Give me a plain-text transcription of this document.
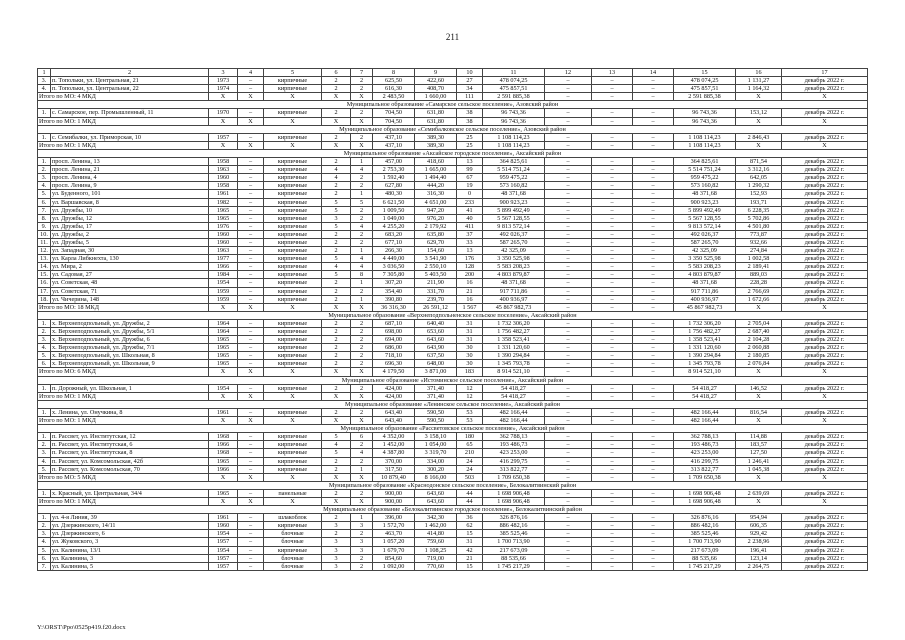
211
1	2	3	4	5	6	7	8	9	10	11	12	13	14	15	16	17
3.	п. Топольки, ул. Центральная, 21	1973	–	кирпичные	2	2	625,50	422,60	27	478 074,25	–	–	–	478 074,25	1 131,27	декабрь 2022 г.
4.	п. Топольки, ул. Центральная, 22	1974	–	кирпичные	2	2	616,30	408,70	34	475 857,51	–	–	–	475 857,51	1 164,32	декабрь 2022 г.
Итого по МО: 4 МКД		X	X	X	X	X	2 483,50	1 660,00	111	2 591 885,38	–	–	–	2 591 885,38	X	X
Муниципальное образование «Самарское сельское поселение», Азовский район																
1.	с. Самарское, пер. Промышленный, 11	1970	–	кирпичные	2	2	704,50	631,80	38	96 743,36	–	–	–	96 743,36	153,12	декабрь 2022 г.
Итого по МО: 1 МКД		X	X	X	X	X	704,50	631,80	38	96 743,36	–	–	–	96 743,36	X	X
Муниципальное образование «Семибалковское сельское поселение», Азовский район																
1.	с. Семибалки, ул. Приморская, 10	1957	–	кирпичные	2	2	437,10	389,30	25	1 108 114,23	–	–	–	1 108 114,23	2 846,43	декабрь 2022 г.
Итого по МО: 1 МКД		X	X	X	X	X	437,10	389,30	25	1 108 114,23	–	–	–	1 108 114,23	X	X
Муниципальное образование «Аксайское городское поселение», Аксайский район																
1.	просп. Ленина, 13	1958	–	кирпичные	2	1	457,00	418,60	13	364 825,61	–	–	–	364 825,61	871,54	декабрь 2022 г.
2.	просп. Ленина, 21	1963	–	кирпичные	4	4	2 753,30	1 665,00	99	5 514 751,24	–	–	–	5 514 751,24	3 312,16	декабрь 2022 г.
3.	просп. Ленина, 4	1960	–	кирпичные	4	2	1 592,40	1 494,40	67	959 475,22	–	–	–	959 475,22	642,05	декабрь 2022 г.
4.	просп. Ленина, 9	1958	–	кирпичные	2	2	627,80	444,20	19	573 160,82	–	–	–	573 160,82	1 290,32	декабрь 2022 г.
5.	ул. Буденного, 101	1961	–	кирпичные	2	1	480,30	316,30	0	48 371,68	–	–	–	48 371,68	152,93	декабрь 2022 г.
6.	ул. Варшавская, 8	1982	–	кирпичные	5	5	6 621,50	4 651,00	233	900 923,23	–	–	–	900 923,23	193,71	декабрь 2022 г.
7.	ул. Дружбы, 10	1965	–	кирпичные	5	2	1 009,50	947,20	41	5 899 492,49	–	–	–	5 899 492,49	6 228,35	декабрь 2022 г.
8.	ул. Дружбы, 12	1965	–	кирпичные	3	2	1 049,00	976,20	40	5 567 128,55	–	–	–	5 567 128,55	5 702,86	декабрь 2022 г.
9.	ул. Дружбы, 17	1976	–	кирпичные	5	4	4 255,20	2 179,92	411	9 813 572,14	–	–	–	9 813 572,14	4 501,80	декабрь 2022 г.
10.	ул. Дружбы, 2	1960	–	кирпичные	2	2	683,20	635,80	37	492 026,37	–	–	–	492 026,37	773,87	декабрь 2022 г.
11.	ул. Дружбы, 5	1960	–	кирпичные	2	2	677,10	629,70	33	587 265,70	–	–	–	587 265,70	932,66	декабрь 2022 г.
12.	ул. Западная, 30	1963	–	кирпичные	2	1	266,30	154,60	13	42 325,09	–	–	–	42 325,09	274,84	декабрь 2022 г.
13.	ул. Карла Либкнехта, 130	1977	–	кирпичные	5	4	4 449,00	3 541,90	176	3 350 525,98	–	–	–	3 350 525,98	1 002,58	декабрь 2022 г.
14.	ул. Мира, 2	1966	–	кирпичные	4	4	3 036,50	2 550,10	128	5 583 208,23	–	–	–	5 583 208,23	2 189,41	декабрь 2022 г.
15.	ул. Садовая, 27	1984	–	кирпичные	5	8	7 305,80	5 403,50	200	4 803 879,87	–	–	–	4 803 879,87	889,03	декабрь 2022 г.
16.	ул. Советская, 48	1954	–	кирпичные	2	1	307,20	211,90	16	48 371,68	–	–	–	48 371,68	228,28	декабрь 2022 г.
17.	ул. Советская, 71	1959	–	кирпичные	2	2	354,40	331,70	21	917 711,86	–	–	–	917 711,86	2 766,69	декабрь 2022 г.
18.	ул. Чичерина, 148	1959	–	кирпичные	2	1	390,80	239,70	16	400 936,97	–	–	–	400 936,97	1 672,66	декабрь 2022 г.
Итого по МО: 18 МКД		X	X	X	X	X	36 316,30	26 591,12	1 567	45 867 982,73	–	–	–	45 867 982,73	X	X
Муниципальное образование «Верхнеподпольненское сельское поселение», Аксайский район																
1.	х. Верхнеподпольный, ул. Дружбы, 2	1964	–	кирпичные	2	2	687,10	640,40	31	1 732 306,20	–	–	–	1 732 306,20	2 705,04	декабрь 2022 г.
2.	х. Верхнеподпольный, ул. Дружбы, 5/1	1964	–	кирпичные	2	2	698,00	653,60	31	1 756 482,27	–	–	–	1 756 482,27	2 687,40	декабрь 2022 г.
3.	х. Верхнеподпольный, ул. Дружбы, 6	1965	–	кирпичные	2	2	694,00	643,60	31	1 358 523,41	–	–	–	1 358 523,41	2 104,28	декабрь 2022 г.
4.	х. Верхнеподпольный, ул. Дружбы, 7/1	1965	–	кирпичные	2	2	686,00	643,90	30	1 331 120,60	–	–	–	1 331 120,60	2 060,88	декабрь 2022 г.
5.	х. Верхнеподпольный, ул. Школьная, 8	1965	–	кирпичные	2	2	718,10	637,50	30	1 390 294,84	–	–	–	1 390 294,84	2 180,85	декабрь 2022 г.
6.	х. Верхнеподпольный, ул. Школьная, 9	1965	–	кирпичные	2	2	696,30	648,00	30	1 345 793,78	–	–	–	1 345 793,78	2 076,84	декабрь 2022 г.
Итого по МО: 6 МКД		X	X	X	X	X	4 179,50	3 871,00	183	8 914 521,10	–	–	–	8 914 521,10	X	X
Муниципальное образование «Истоминское сельское поселение», Аксайский район																
1.	п. Дорожный, ул. Школьная, 1	1954	–	кирпичные	2	2	424,00	371,40	12	54 418,27	–	–	–	54 418,27	146,52	декабрь 2022 г.
Итого по МО: 1 МКД		X	X	X	X	X	424,00	371,40	12	54 418,27	–	–	–	54 418,27	X	X
Муниципальное образование «Ленинское сельское поселение», Аксайский район																
1.	х. Ленина, ул. Онучкина, 8	1961	–	кирпичные	2	2	643,40	590,50	53	482 166,44	–	–	–	482 166,44	816,54	декабрь 2022 г.
Итого по МО: 1 МКД		X	X	X	X	X	643,40	590,50	53	482 166,44	–	–	–	482 166,44	X	X
Муниципальное образование «Рассветовское сельское поселение», Аксайский район																
1.	п. Рассвет, ул. Институтская, 12	1968	–	кирпичные	5	6	4 352,00	3 158,10	180	362 788,13	–	–	–	362 788,13	114,88	декабрь 2022 г.
2.	п. Рассвет, ул. Институтская, 6	1966	–	кирпичные	4	2	1 452,00	1 054,00	65	193 486,73	–	–	–	193 486,73	183,57	декабрь 2022 г.
3.	п. Рассвет, ул. Институтская, 8	1968	–	кирпичные	5	4	4 387,80	3 319,70	210	423 253,00	–	–	–	423 253,00	127,50	декабрь 2022 г.
4.	п. Рассвет, ул. Комсомольская, 42б	1965	–	кирпичные	2	2	370,00	334,00	24	416 299,75	–	–	–	416 299,75	1 246,41	декабрь 2022 г.
5.	п. Рассвет, ул. Комсомольская, 70	1966	–	кирпичные	2	1	317,50	300,20	24	313 822,77	–	–	–	313 822,77	1 045,38	декабрь 2022 г.
Итого по МО: 5 МКД		X	X	X	X	X	10 879,40	8 166,00	503	1 709 650,38	–	–	–	1 709 650,38	X	X
Муниципальное образование «Краснодонское сельское поселение», Белокалитвинский район																
1.	х. Красный, ул. Центральная, 34/4	1965	–	панельные	2	2	900,00	643,60	44	1 698 906,48	–	–	–	1 698 906,48	2 639,69	декабрь 2022 г.
Итого по МО: 1 МКД		X	X	X	X	X	900,00	643,60	44	1 698 906,48	–	–	–	1 698 906,48	X	X
Муниципальное образование «Белокалитвинское городское поселение», Белокалитвинский район																
1.	ул. 4-я Линия, 39	1961	–	шлакоблок	2	1	396,00	342,30	36	326 876,16	–	–	–	326 876,16	954,94	декабрь 2022 г.
2.	ул. Дзержинского, 14/11	1960	–	кирпичные	3	3	1 572,70	1 462,00	62	886 482,16	–	–	–	886 482,16	606,35	декабрь 2022 г.
3.	ул. Дзержинского, 6	1954	–	блочные	2	2	463,70	414,80	15	385 525,46	–	–	–	385 525,46	929,42	декабрь 2022 г.
4.	ул. Жуковского, 3	1957	–	блочные	3	3	1 057,20	759,60	31	1 700 713,90	–	–	–	1 700 713,90	2 238,96	декабрь 2022 г.
5.	ул. Калинина, 13/1	1954	–	кирпичные	3	3	1 679,70	1 108,25	42	217 673,09	–	–	–	217 673,09	196,41	декабрь 2022 г.
6.	ул. Калинина, 3	1957	–	блочные	3	2	854,60	719,00	21	88 535,66	–	–	–	88 535,66	123,14	декабрь 2022 г.
7.	ул. Калинина, 5	1957	–	блочные	3	2	1 092,00	770,60	15	1 745 217,29	–	–	–	1 745 217,29	2 264,75	декабрь 2022 г.
Y:\ORST\Ppo\0525p419.f20.docx
